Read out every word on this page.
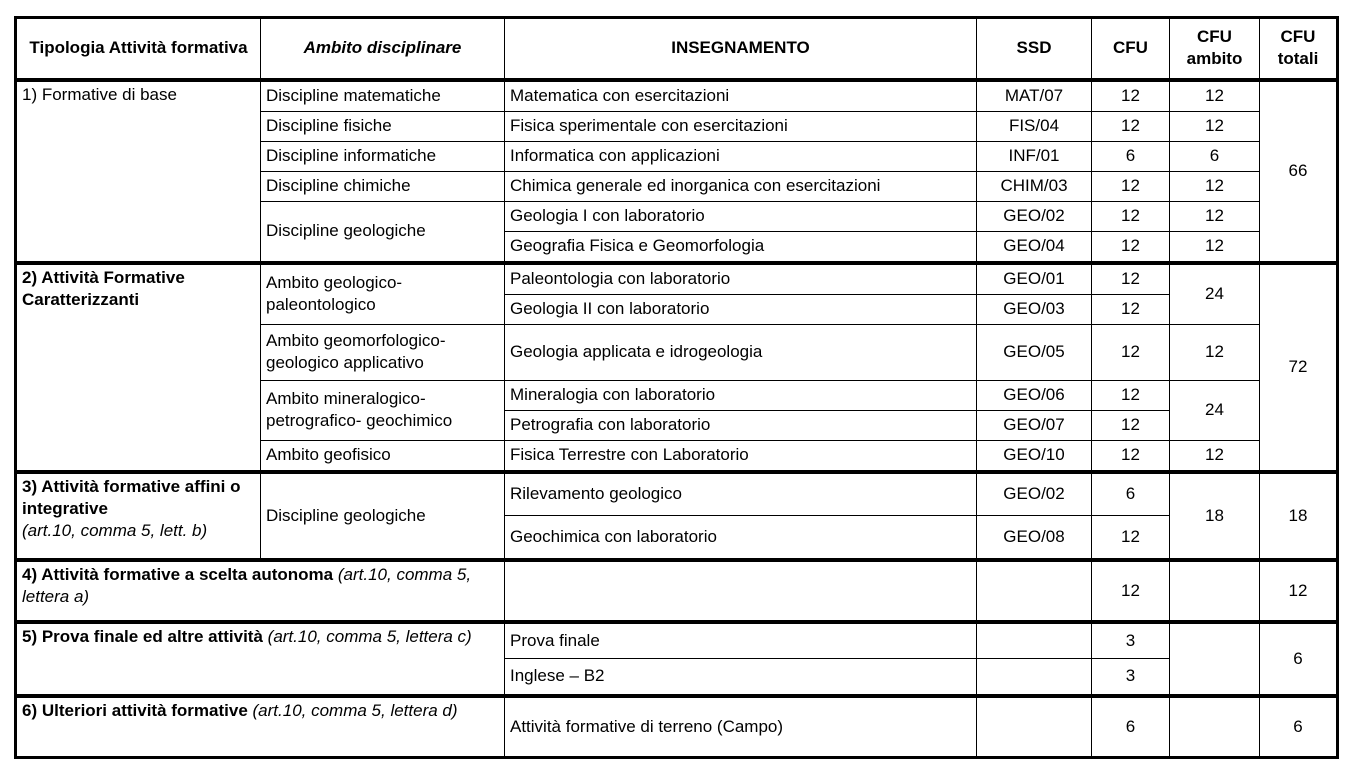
Tipologia Attività formativa	Ambito disciplinare	INSEGNAMENTO	SSD	CFU	CFU ambito	CFU totali
1) Formative di base	Discipline matematiche	Matematica con esercitazioni	MAT/07	12	12	66
	Discipline fisiche	Fisica sperimentale con esercitazioni	FIS/04	12	12	
	Discipline informatiche	Informatica con applicazioni	INF/01	6	6	
	Discipline chimiche	Chimica generale ed inorganica con esercitazioni	CHIM/03	12	12	
	Discipline geologiche	Geologia I con laboratorio	GEO/02	12	12	
		Geografia Fisica e Geomorfologia	GEO/04	12	12	
2) Attività Formative Caratterizzanti	Ambito geologico-paleontologico	Paleontologia con laboratorio	GEO/01	12	24	72
		Geologia II con laboratorio	GEO/03	12		
	Ambito geomorfologico-geologico applicativo	Geologia applicata e idrogeologia	GEO/05	12	12	
	Ambito mineralogico-petrografico- geochimico	Mineralogia con laboratorio	GEO/06	12	24	
		Petrografia con laboratorio	GEO/07	12		
	Ambito geofisico	Fisica Terrestre con Laboratorio	GEO/10	12	12	
3) Attività formative affini o integrative
(art.10, comma 5, lett. b)	Discipline geologiche	Rilevamento geologico	GEO/02	6	18	18
		Geochimica con laboratorio	GEO/08	12		
4) Attività formative a scelta autonoma (art.10, comma 5, lettera a)				12		12
5) Prova finale ed altre attività (art.10, comma 5, lettera c)		Prova finale		3		6
		Inglese – B2		3		
6) Ulteriori attività formative (art.10, comma 5, lettera d)		Attività formative di terreno (Campo)		6		6
